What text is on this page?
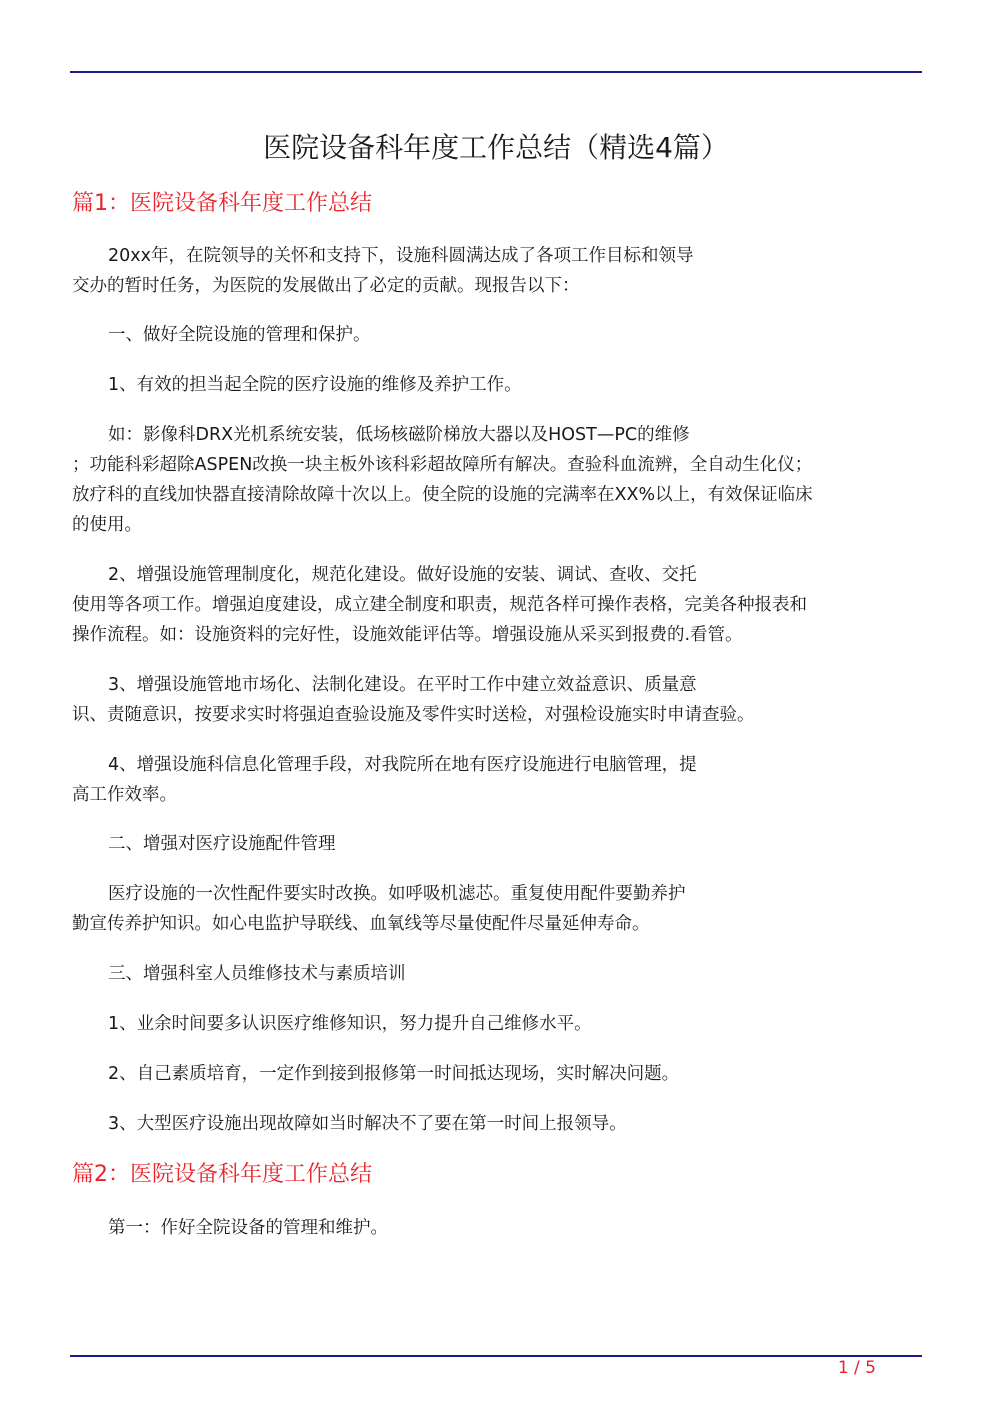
医院设备科年度工作总结（精选4篇）
篇1：医院设备科年度工作总结
20xx年，在院领导的关怀和支持下，设施科圆满达成了各项工作目标和领导
交办的暂时任务，为医院的发展做出了必定的贡献。现报告以下：
一、做好全院设施的管理和保护。
1、有效的担当起全院的医疗设施的维修及养护工作。
如：影像科DRX光机系统安装，低场核磁阶梯放大器以及HOST—PC的维修
；功能科彩超除ASPEN改换一块主板外该科彩超故障所有解决。查验科血流辨，全自动生化仪；
放疗科的直线加快器直接清除故障十次以上。使全院的设施的完满率在XX%以上，有效保证临床
的使用。
2、增强设施管理制度化，规范化建设。做好设施的安装、调试、查收、交托
使用等各项工作。增强迫度建设，成立建全制度和职责，规范各样可操作表格，完美各种报表和
操作流程。如：设施资料的完好性，设施效能评估等。增强设施从采买到报费的.看管。
3、增强设施管地市场化、法制化建设。在平时工作中建立效益意识、质量意
识、责随意识，按要求实时将强迫查验设施及零件实时送检，对强检设施实时申请查验。
4、增强设施科信息化管理手段，对我院所在地有医疗设施进行电脑管理，提
高工作效率。
二、增强对医疗设施配件管理
医疗设施的一次性配件要实时改换。如呼吸机滤芯。重复使用配件要勤养护
勤宣传养护知识。如心电监护导联线、血氧线等尽量使配件尽量延伸寿命。
三、增强科室人员维修技术与素质培训
1、业余时间要多认识医疗维修知识，努力提升自己维修水平。
2、自己素质培育，一定作到接到报修第一时间抵达现场，实时解决问题。
3、大型医疗设施出现故障如当时解决不了要在第一时间上报领导。
篇2：医院设备科年度工作总结
第一：作好全院设备的管理和维护。
1 / 5
